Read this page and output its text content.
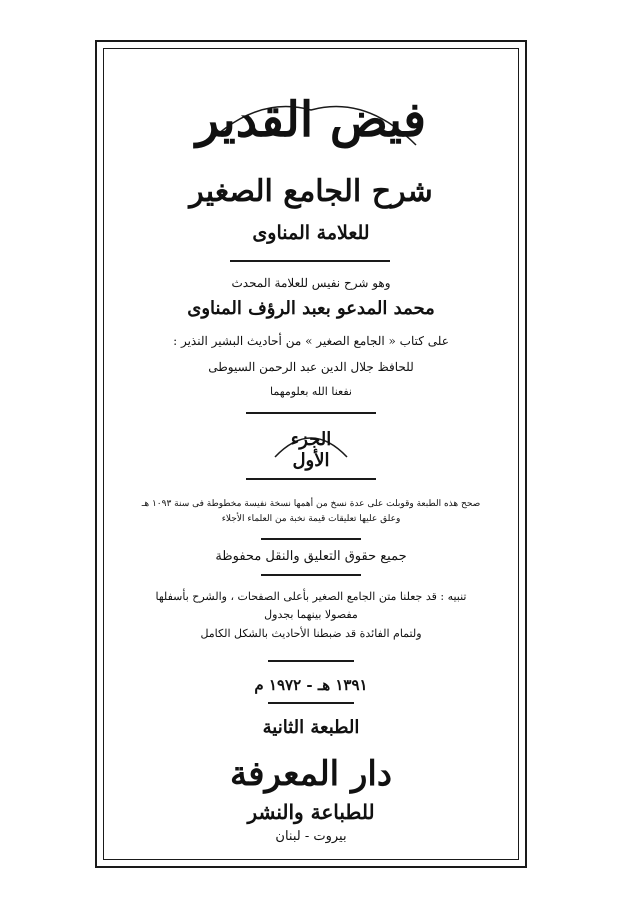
فيض القدير
شرح الجامع الصغير
للعلامة المناوى
وهو شرح نفيس للعلامة المحدث
محمد المدعو بعبد الرؤف المناوى
على كتاب « الجامع الصغير » من أحاديث البشير النذير :
للحافظ جلال الدين عبد الرحمن السيوطى
نفعنا الله بعلومهما
الجزء الأول
صحح هذه الطبعة وقوبلت على عدة نسخ من أهمها نسخة نفيسة مخطوطة فى سنة ١٠٩٣ هـ
وعلق عليها تعليقات قيمة نخبة من العلماء الأجلاء
جميع حقوق التعليق والنقل محفوظة
تنبيه : قد جعلنا متن الجامع الصغير بأعلى الصفحات ، والشرح بأسفلها
مفصولا بينهما بجدول
ولتمام الفائدة قد ضبطنا الأحاديث بالشكل الكامل
١٣٩١ هـ - ١٩٧٢ م
الطبعة الثانية
دار المعرفة
للطباعة والنشر
بيروت - لبنان
